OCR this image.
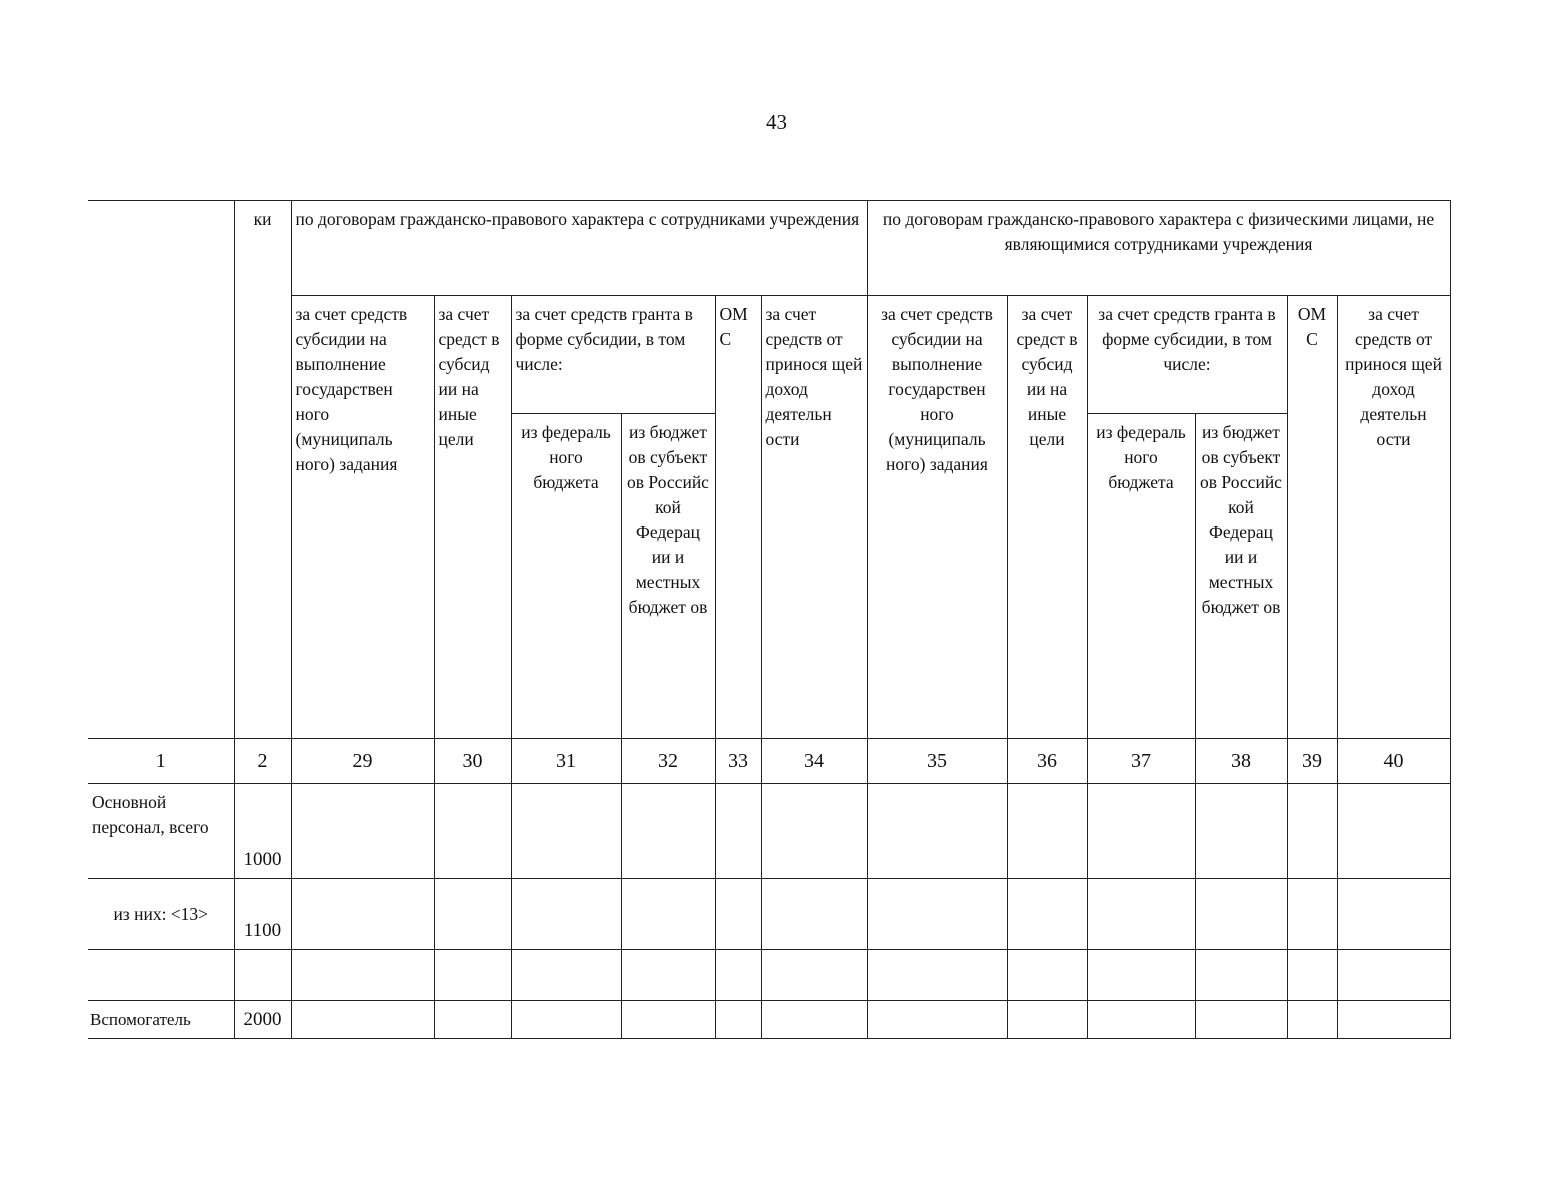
43
	ки	по договорам гражданско-правового характера с сотрудниками учреждения						по договорам гражданско-правового характера с физическими лицами, не являющимися сотрудниками учреждения					
		за счет средств субсидии на выполнение государствен ного (муниципаль ного) задания	за счет средст в субсид ии на иные цели	за счет средств гранта в форме субсидии, в том числе:		ОМ С	за счет средств от принося щей доход деятельн ости	за счет средств субсидии на выполнение государствен ного (муниципаль ного) задания	за счет средст в субсид ии на иные цели	за счет средств гранта в форме субсидии, в том числе:		ОМ С	за счет средств от принося щей доход деятельн ости
				из федераль ного бюджета	из бюджет ов субъект ов Российс кой Федерац ии и местных бюджет ов					из федераль ного бюджета	из бюджет ов субъект ов Российс кой Федерац ии и местных бюджет ов		
1	2	29	30	31	32	33	34	35	36	37	38	39	40
Основной персонал, всего	1000												
из них: <13>	1100												

Вспомогатель	2000												
